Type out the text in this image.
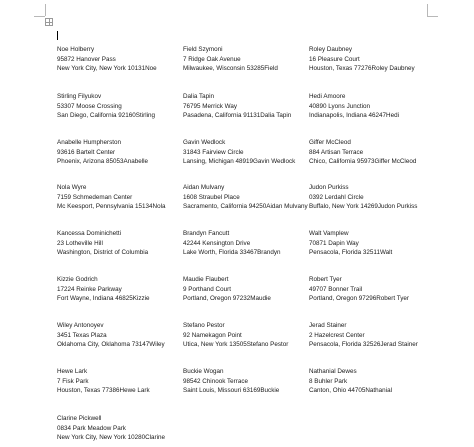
Noe Holberry
95872 Hanover Pass
New York City, New York 10131Noe
Field Szymoni
7 Ridge Oak Avenue
Milwaukee, Wisconsin 53285Field
Roley Daubney
16 Pleasure Court
Houston, Texas 77276Roley Daubney
Stirling Filyukov
53307 Moose Crossing
San Diego, California 92160Stirling
Dalia Tapin
76795 Merrick Way
Pasadena, California 91131Dalia Tapin
Hedi Amoore
40890 Lyons Junction
Indianapolis, Indiana 46247Hedi
Anabelle Humpherston
93616 Bartelt Center
Phoenix, Arizona 85053Anabelle
Gavin Wedlock
31843 Fairview Circle
Lansing, Michigan 48919Gavin Wedlock
Giffer McCleod
884 Artisan Terrace
Chico, California 95973Giffer McCleod
Nola Wyre
7159 Schmedeman Center
Mc Keesport, Pennsylvania 15134Nola
Aidan Mulvany
1608 Straubel Place
Sacramento, California 94250Aidan Mulvany
Judon Purkiss
0392 Lerdahl Circle
Buffalo, New York 14269Judon Purkiss
Kancessa Dominichetti
23 Lotheville Hill
Washington, District of Columbia
Brandyn Fancutt
42244 Kensington Drive
Lake Worth, Florida 33467Brandyn
Walt Vamplew
70871 Dapin Way
Pensacola, Florida 32511Walt
Kizzie Godrich
17224 Reinke Parkway
Fort Wayne, Indiana 46825Kizzie
Maudie Flaubert
9 Porthand Court
Portland, Oregon 97232Maudie
Robert Tyer
49707 Bonner Trail
Portland, Oregon 97296Robert Tyer
Wiley Antonoyev
3451 Texas Plaza
Oklahoma City, Oklahoma 73147Wiley
Stefano Pestor
92 Namekagon Point
Utica, New York 13505Stefano Pestor
Jerad Stainer
2 Hazelcrest Center
Pensacola, Florida 32526Jerad Stainer
Hewe Lark
7 Fisk Park
Houston, Texas 77386Hewe Lark
Buckie Wogan
98542 Chinook Terrace
Saint Louis, Missouri 63169Buckie
Nathanial Dewes
8 Buhler Park
Canton, Ohio 44705Nathanial
Clarine Pickwell
0834 Park Meadow Park
New York City, New York 10280Clarine
